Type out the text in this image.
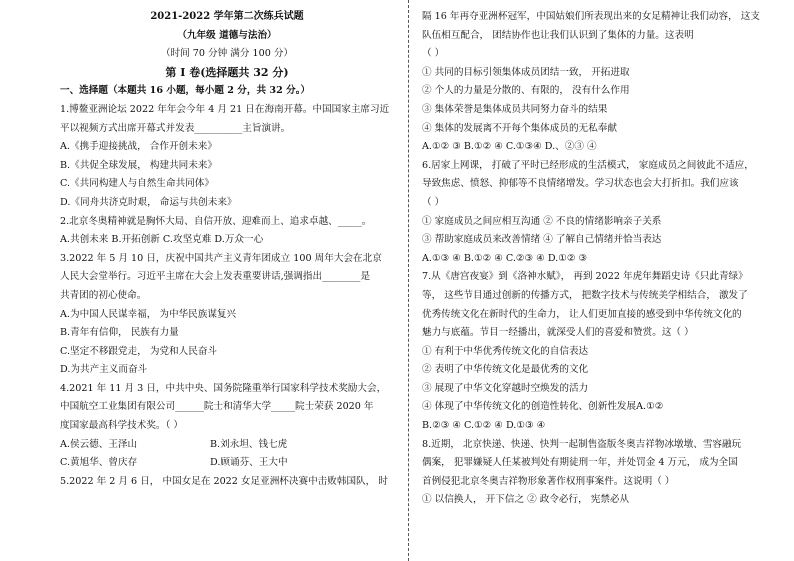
2021-2022 学年第二次练兵试题

（九年级 道德与法治）

（时间 70 分钟 满分 100 分）

第 I 卷(选择题共 32 分)

一、选择题（本题共 16 小题，每小题 2 分，共 32 分。）

1.博鳌亚洲论坛 2022 年年会今年 4 月 21 日在海南开幕。中国国家主席习近

平以视频方式出席开幕式并发表__________主旨演讲。

A.《携手迎接挑战， 合作开创未来》

B.《共促全球发展， 构建共同未来》

C.《共同构建人与自然生命共同体》

D.《同舟共济克时艰， 命运与共创未来》

2.北京冬奥精神就是胸怀大局、自信开放、迎难而上、追求卓越、_____。

A.共创未来 B.开拓创新 C.攻坚克难 D.万众一心

3.2022 年 5 月 10 日，庆祝中国共产主义青年团成立 100 周年大会在北京

人民大会堂举行。习近平主席在大会上发表重要讲话,强调指出________是

共青团的初心使命。

A.为中国人民谋幸福， 为中华民族谋复兴

B.青年有信仰， 民族有力量

C.坚定不移跟党走， 为党和人民奋斗

D.为共产主义而奋斗

4.2021 年 11 月 3 日，中共中央、国务院隆重举行国家科学技术奖励大会，

中国航空工业集团有限公司______院士和清华大学_____院士荣获 2020 年

度国家最高科学技术奖。（ ）

A.侯云德、王泽山	B.刘永坦、钱七虎
C.黄旭华、曾庆存	D.顾诵芬、王大中

5.2022 年 2 月 6 日， 中国女足在 2022 女足亚洲杯决赛中击败韩国队， 时

隔 16 年再夺亚洲杯冠军，中国姑娘们所表现出来的女足精神让我们动容， 这支

队伍相互配合， 团结协作也让我们认识到了集体的力量。这表明

（ ）

① 共同的目标引领集体成员团结一致， 开拓进取

② 个人的力量是分散的、有限的， 没有什么作用

③ 集体荣誉是集体成员共同努力奋斗的结果

④ 集体的发展离不开每个集体成员的无私奉献

A.①② ③ B.①② ④ C.①③④ D.、②③ ④

6.居家上网课， 打破了平时已经形成的生活模式， 家庭成员之间彼此不适应，

导致焦虑、愤怒、抑郁等不良情绪增发。学习状态也会大打折扣。我们应该

（ ）

① 家庭成员之间应相互沟通 ② 不良的情绪影响亲子关系

③ 帮助家庭成员来改善情绪 ④ 了解自己情绪并恰当表达

A.①③ ④ B.①② ④ C.②③ ④ D.①② ③

7.从《唐宫夜宴》到《洛神水赋》， 再到 2022 年虎年舞蹈史诗《只此青绿》

等， 这些节目通过创新的传播方式， 把数字技术与传统美学相结合， 激发了

优秀传统文化在新时代的生命力， 让人们更加直接的感受到中华传统文化的

魅力与底蕴。节目一经播出，就深受人们的喜爱和赞赏。这（ ）

① 有利于中华优秀传统文化的自信表达

② 表明了中华传统文化是最优秀的文化

③ 展现了中华文化穿越时空焕发的活力

④ 体现了中华传统文化的创造性转化、创新性发展A.①②

B.②③ ④ C.①② ④ D.①③ ④

8.近期， 北京快递、快递、快判一起制售盗版冬奥吉祥物冰墩墩、雪容融玩

偶案， 犯罪嫌疑人任某被判处有期徒刑一年，并处罚金 4 万元， 成为全国

首例侵犯北京冬奥吉祥物形象著作权刑事案件。这说明（ ）

① 以信换人， 开下信之 ② 政令必行， 宪禁必从
